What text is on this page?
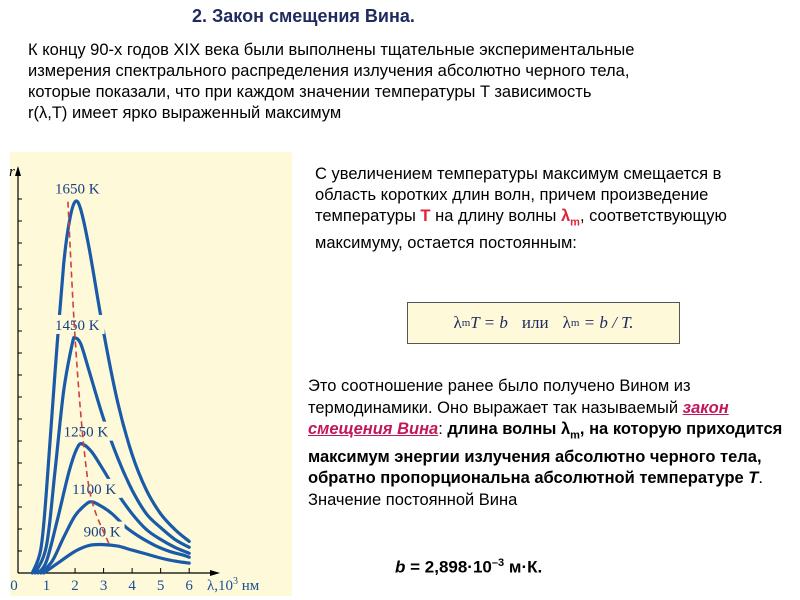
2. Закон смещения Вина.
К концу 90-х годов XIX века были выполнены тщательные экспериментальные
измерения спектрального распределения излучения абсолютно черного тела,
которые показали, что при каждом значении температуры T зависимость
r(λ,T) имеет ярко выраженный максимум
0 1 2 3 4 5 6
r
$\lambda,10^3$ нм
1650 K
1450 K
1250 K
1100 K
900 K
С увеличением температуры максимум смещается в область коротких длин волн, причем произведение температуры T на длину волны $\lambda_m$, соответствующую максимуму, остается постоянным:
λ m T = b или λ m
= b / T.
Это соотношение ранее было получено Вином из термодинамики. Оно выражает так называемый закон смещения Вина: длина волны $\lambda_m$, на которую приходится максимум энергии излучения абсолютно черного тела, обратно пропорциональна абсолютной температуре T. Значение постоянной Вина
$b = 2,898\cdot 10^{-3}$ м·К.
